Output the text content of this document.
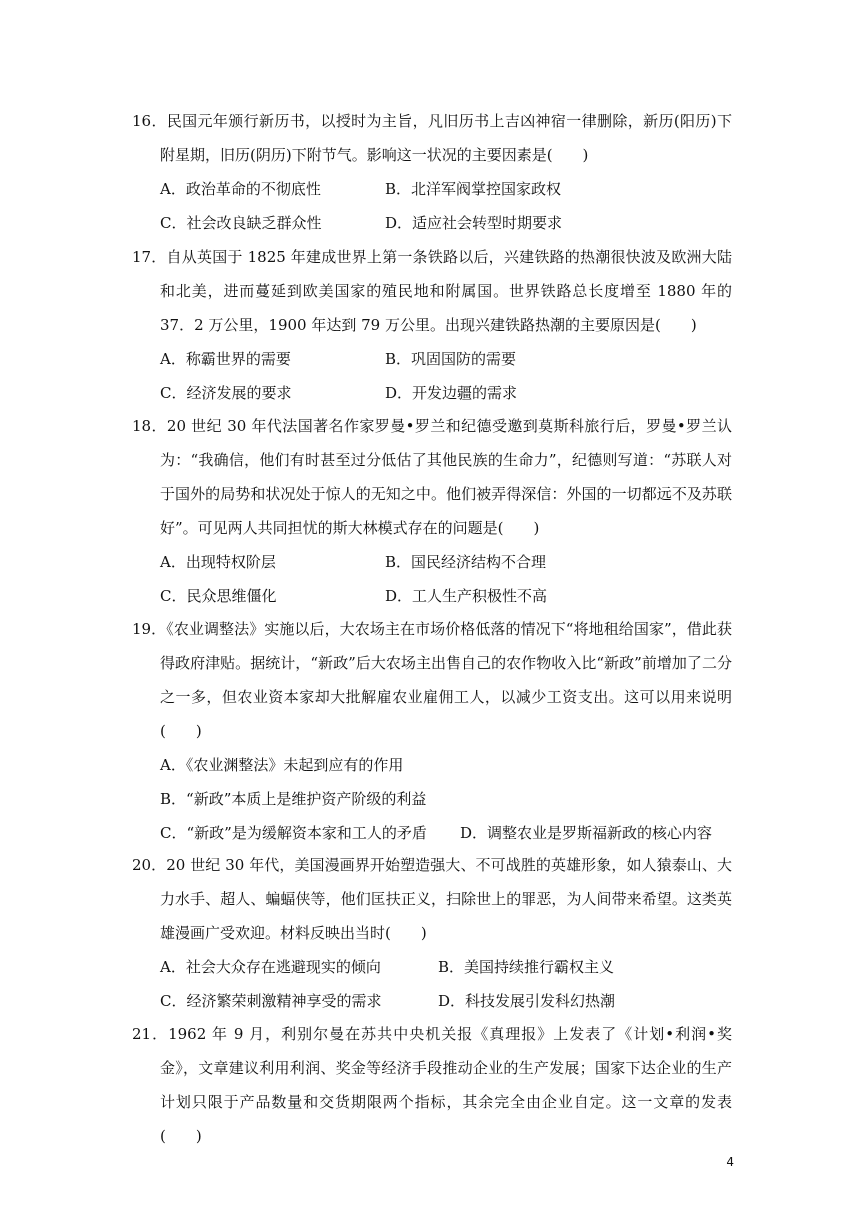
16．民国元年颁行新历书，以授时为主旨，凡旧历书上吉凶神宿一律删除，新历(阳历)下附星期，旧历(阴历)下附节气。影响这一状况的主要因素是(　　)

A．政治革命的不彻底性	B．北洋军阀掌控国家政权
C．社会改良缺乏群众性	D．适应社会转型时期要求

17．自从英国于 1825 年建成世界上第一条铁路以后，兴建铁路的热潮很快波及欧洲大陆和北美，进而蔓延到欧美国家的殖民地和附属国。世界铁路总长度增至 1880 年的 37．2 万公里，1900 年达到 79 万公里。出现兴建铁路热潮的主要原因是(　　)

A．称霸世界的需要	B．巩固国防的需要
C．经济发展的要求	D．开发边疆的需求

18．20 世纪 30 年代法国著名作家罗曼•罗兰和纪德受邀到莫斯科旅行后，罗曼•罗兰认为：“我确信，他们有时甚至过分低估了其他民族的生命力”，纪德则写道：“苏联人对于国外的局势和状况处于惊人的无知之中。他们被弄得深信：外国的一切都远不及苏联好”。可见两人共同担忧的斯大林模式存在的问题是(　　)

A．出现特权阶层	B．国民经济结构不合理
C．民众思维僵化	D．工人生产积极性不高

19．《农业调整法》实施以后，大农场主在市场价格低落的情况下“将地租给国家”，借此获得政府津贴。据统计，“新政”后大农场主出售自己的农作物收入比“新政”前增加了二分之一多，但农业资本家却大批解雇农业雇佣工人，以减少工资支出。这可以用来说明(　　)

A．《农业渊整法》未起到应有的作用
B．“新政”本质上是维护资产阶级的利益
C．“新政”是为缓解资本家和工人的矛盾	D．调整农业是罗斯福新政的核心内容

20．20 世纪 30 年代，美国漫画界开始塑造强大、不可战胜的英雄形象，如人猿泰山、大力水手、超人、蝙蝠侠等，他们匡扶正义，扫除世上的罪恶，为人间带来希望。这类英雄漫画广受欢迎。材料反映出当时(　　)

A．社会大众存在逃避现实的倾向	B．美国持续推行霸权主义
C．经济繁荣刺激精神享受的需求	D．科技发展引发科幻热潮

21．1962 年 9 月，利别尔曼在苏共中央机关报《真理报》上发表了《计划•利润•奖金》，文章建议利用利润、奖金等经济手段推动企业的生产发展；国家下达企业的生产计划只限于产品数量和交货期限两个指标，其余完全由企业自定。这一文章的发表(　　)

4
